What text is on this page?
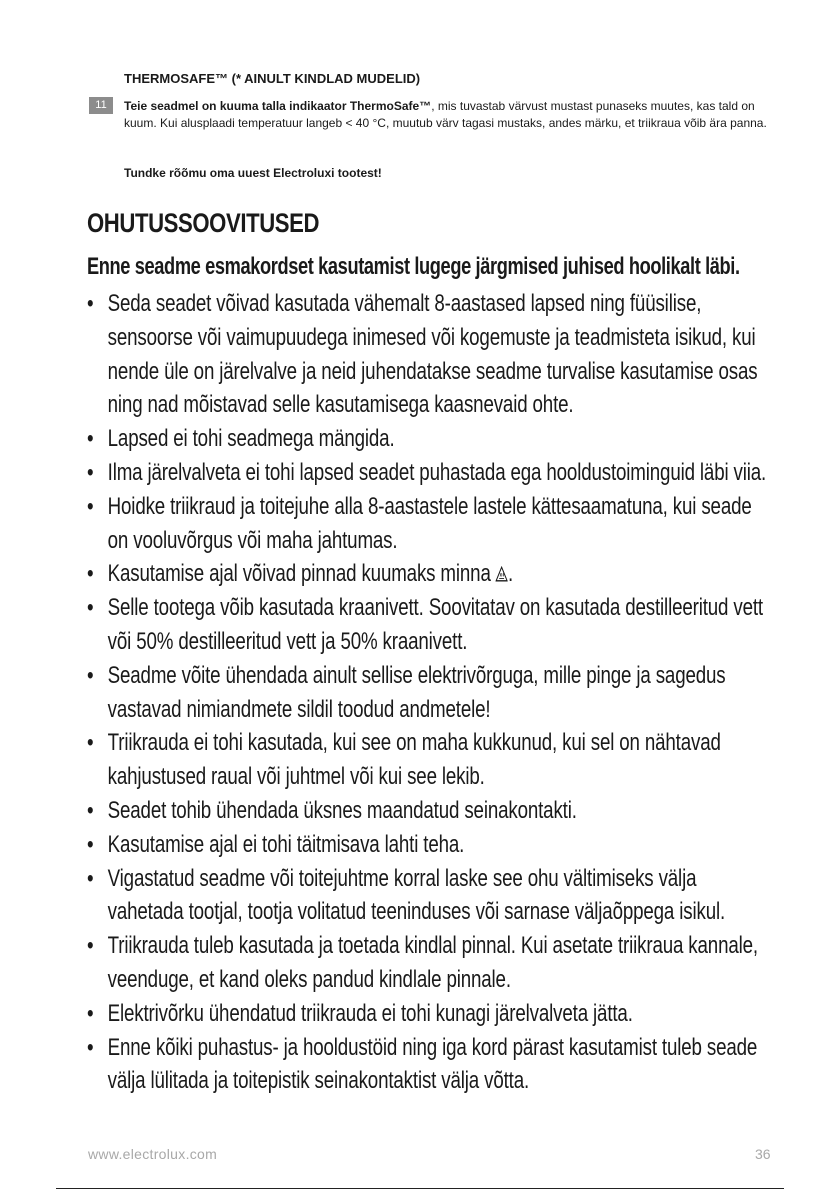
THERMOSAFE™ (* AINULT KINDLAD MUDELID)
11	Teie seadmel on kuuma talla indikaator ThermoSafe™, mis tuvastab värvust mustast punaseks muutes, kas tald on kuum. Kui alusplaadi temperatuur langeb < 40 °C, muutub värv tagasi mustaks, andes märku, et triikraua võib ära panna.
Tundke rõõmu oma uuest Electroluxi tootest!
OHUTUSSOOVITUSED
Enne seadme esmakordset kasutamist lugege järgmised juhised hoolikalt läbi.
• Seda seadet võivad kasutada vähemalt 8-aastased lapsed ning füüsilise, sensoorse või vaimupuudega inimesed või kogemuste ja teadmisteta isikud, kui nende üle on järelvalve ja neid juhendatakse seadme turvalise kasutamise osas ning nad mõistavad selle kasutamisega kaasnevaid ohte.
• Lapsed ei tohi seadmega mängida.
• Ilma järelvalveta ei tohi lapsed seadet puhastada ega hooldustoiminguid läbi viia.
• Hoidke triikraud ja toitejuhe alla 8-aastastele lastele kättesaamatuna, kui seade on vooluvõrgus või maha jahtumas.
• Kasutamise ajal võivad pinnad kuumaks minna .
• Selle tootega võib kasutada kraanivett. Soovitatav on kasutada destilleeritud vett või 50% destilleeritud vett ja 50% kraanivett.
• Seadme võite ühendada ainult sellise elektrivõrguga, mille pinge ja sagedus vastavad nimiandmete sildil toodud andmetele!
• Triikrauda ei tohi kasutada, kui see on maha kukkunud, kui sel on nähtavad kahjustused raual või juhtmel või kui see lekib.
• Seadet tohib ühendada üksnes maandatud seinakontakti.
• Kasutamise ajal ei tohi täitmisava lahti teha.
• Vigastatud seadme või toitejuhtme korral laske see ohu vältimiseks välja vahetada tootjal, tootja volitatud teeninduses või sarnase väljaõppega isikul.
• Triikrauda tuleb kasutada ja toetada kindlal pinnal. Kui asetate triikraua kannale, veenduge, et kand oleks pandud kindlale pinnale.
• Elektrivõrku ühendatud triikrauda ei tohi kunagi järelvalveta jätta.
• Enne kõiki puhastus- ja hooldustöid ning iga kord pärast kasutamist tuleb seade välja lülitada ja toitepistik seinakontaktist välja võtta.
www.electrolux.com	36
